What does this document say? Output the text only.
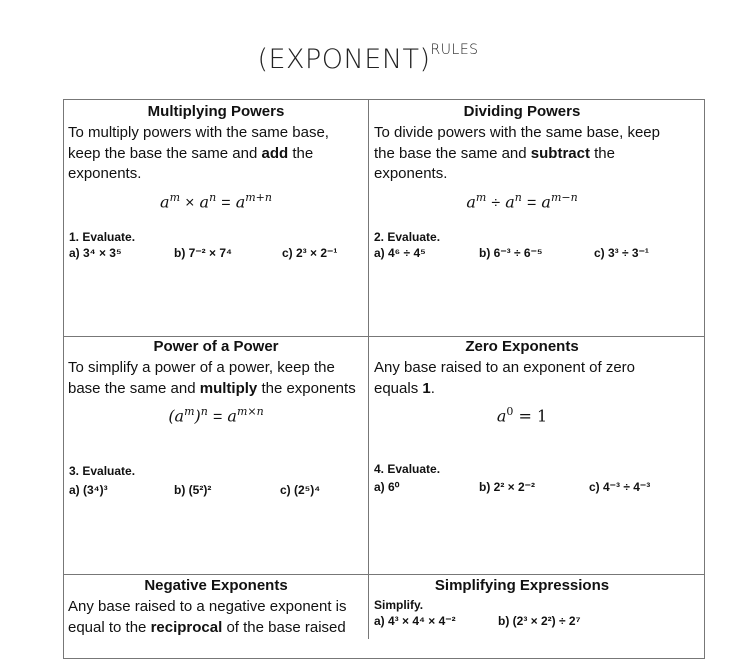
(EXPONENT)$^{RULES}$
Multiplying Powers
To multiply powers with the same base, keep the base the same and add the exponents.
$a^m \times a^n = a^{m+n}$
1. Evaluate.
a) 3⁴ × 3⁵	b) 7⁻² × 7⁴	c) 2³ × 2⁻¹
Dividing Powers
To divide powers with the same base, keep the base the same and subtract the exponents.
$a^m \div a^n = a^{m-n}$
2. Evaluate.
a) 4⁶ ÷ 4⁵	b) 6⁻³ ÷ 6⁻⁵	c) 3³ ÷ 3⁻¹
Power of a Power
To simplify a power of a power, keep the base the same and multiply the exponents
$(a^m)^n = a^{m\times n}$
3. Evaluate.
a) (3⁴)³	b) (5²)²	c) (2⁵)⁴
Zero Exponents
Any base raised to an exponent of zero equals 1.
$a^0 = 1$
4. Evaluate.
a) 6⁰	b) 2² × 2⁻²	c) 4⁻³ ÷ 4⁻³
Negative Exponents
Any base raised to a negative exponent is equal to the reciprocal of the base raised
Simplifying Expressions
Simplify.
a) 4³ × 4⁴ × 4⁻²	b) (2³ × 2²) ÷ 2⁷
